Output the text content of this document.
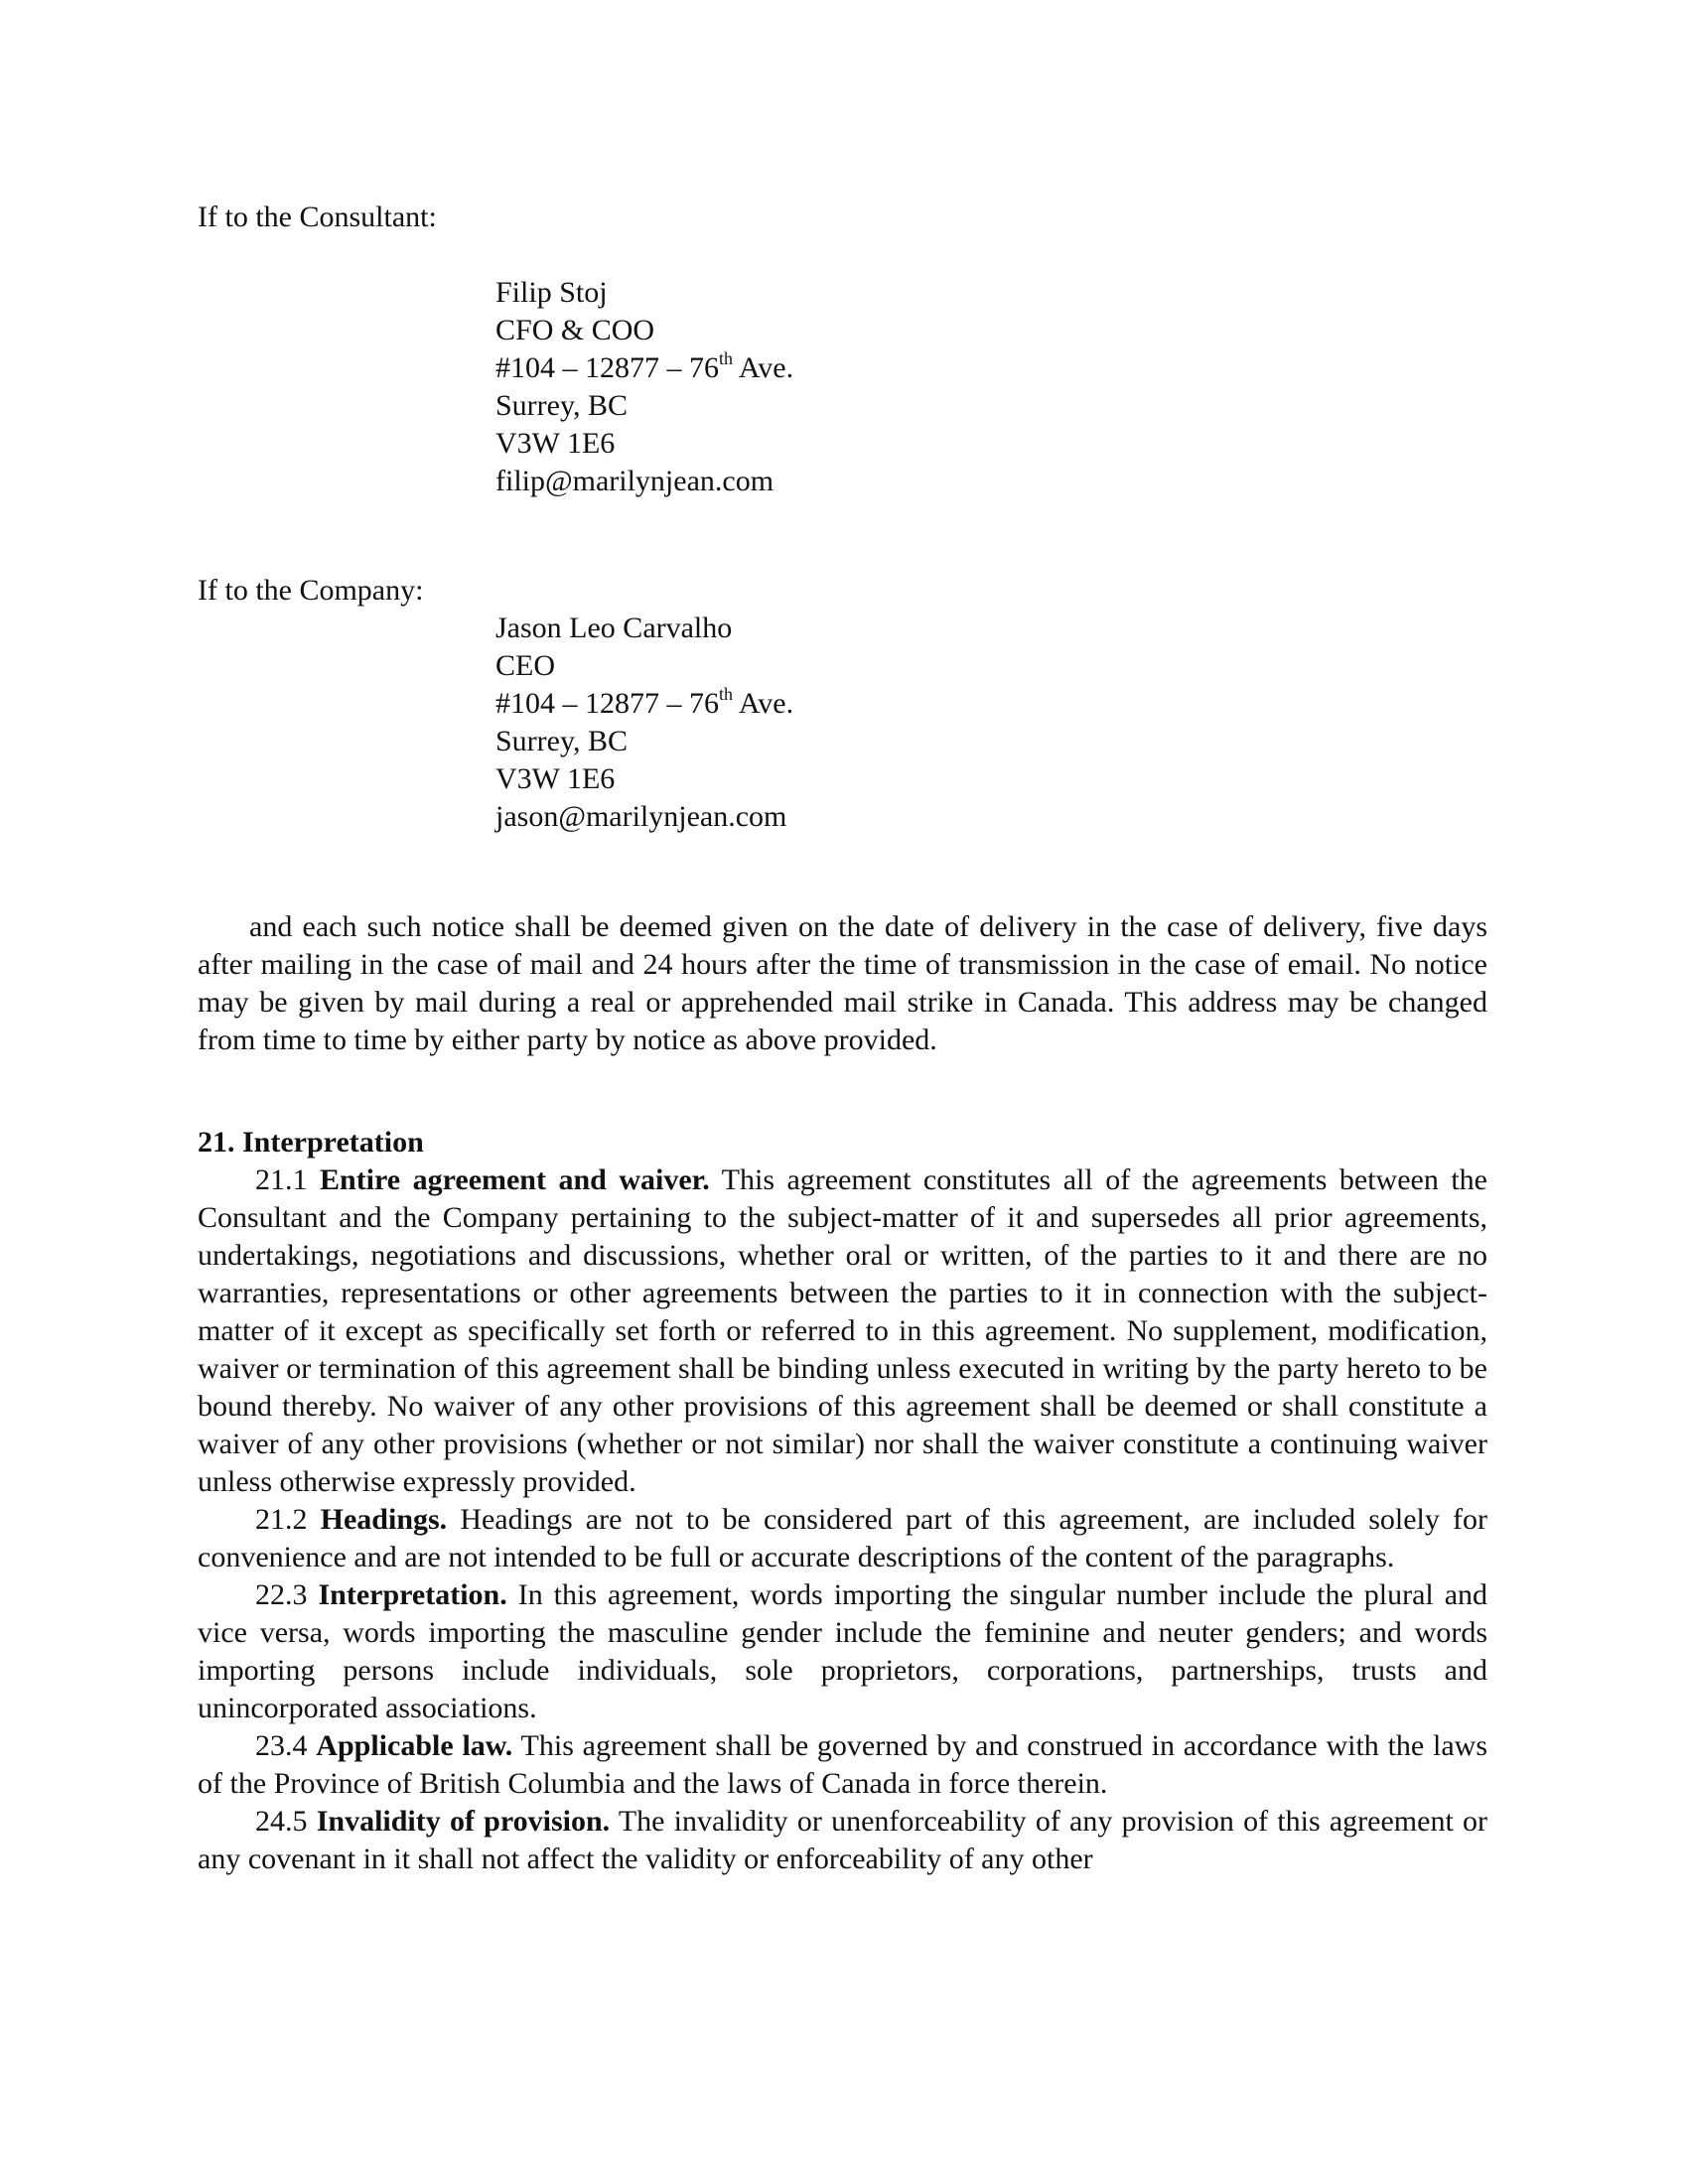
If to the Consultant:

Filip Stoj
CFO & COO
#104 – 12877 – 76th Ave.
Surrey, BC
V3W 1E6
filip@marilynjean.com

If to the Company:

Jason Leo Carvalho
CEO
#104 – 12877 – 76th Ave.
Surrey, BC
V3W 1E6
jason@marilynjean.com

and each such notice shall be deemed given on the date of delivery in the case of delivery, five days after mailing in the case of mail and 24 hours after the time of transmission in the case of email. No notice may be given by mail during a real or apprehended mail strike in Canada. This address may be changed from time to time by either party by notice as above provided.

21. Interpretation

21.1 Entire agreement and waiver. This agreement constitutes all of the agreements between the Consultant and the Company pertaining to the subject-matter of it and supersedes all prior agreements, undertakings, negotiations and discussions, whether oral or written, of the parties to it and there are no warranties, representations or other agreements between the parties to it in connection with the subject-matter of it except as specifically set forth or referred to in this agreement. No supplement, modification, waiver or termination of this agreement shall be binding unless executed in writing by the party hereto to be bound thereby. No waiver of any other provisions of this agreement shall be deemed or shall constitute a waiver of any other provisions (whether or not similar) nor shall the waiver constitute a continuing waiver unless otherwise expressly provided.

21.2 Headings. Headings are not to be considered part of this agreement, are included solely for convenience and are not intended to be full or accurate descriptions of the content of the paragraphs.

22.3 Interpretation. In this agreement, words importing the singular number include the plural and vice versa, words importing the masculine gender include the feminine and neuter genders; and words importing persons include individuals, sole proprietors, corporations, partnerships, trusts and unincorporated associations.

23.4 Applicable law. This agreement shall be governed by and construed in accordance with the laws of the Province of British Columbia and the laws of Canada in force therein.

24.5 Invalidity of provision. The invalidity or unenforceability of any provision of this agreement or any covenant in it shall not affect the validity or enforceability of any other
